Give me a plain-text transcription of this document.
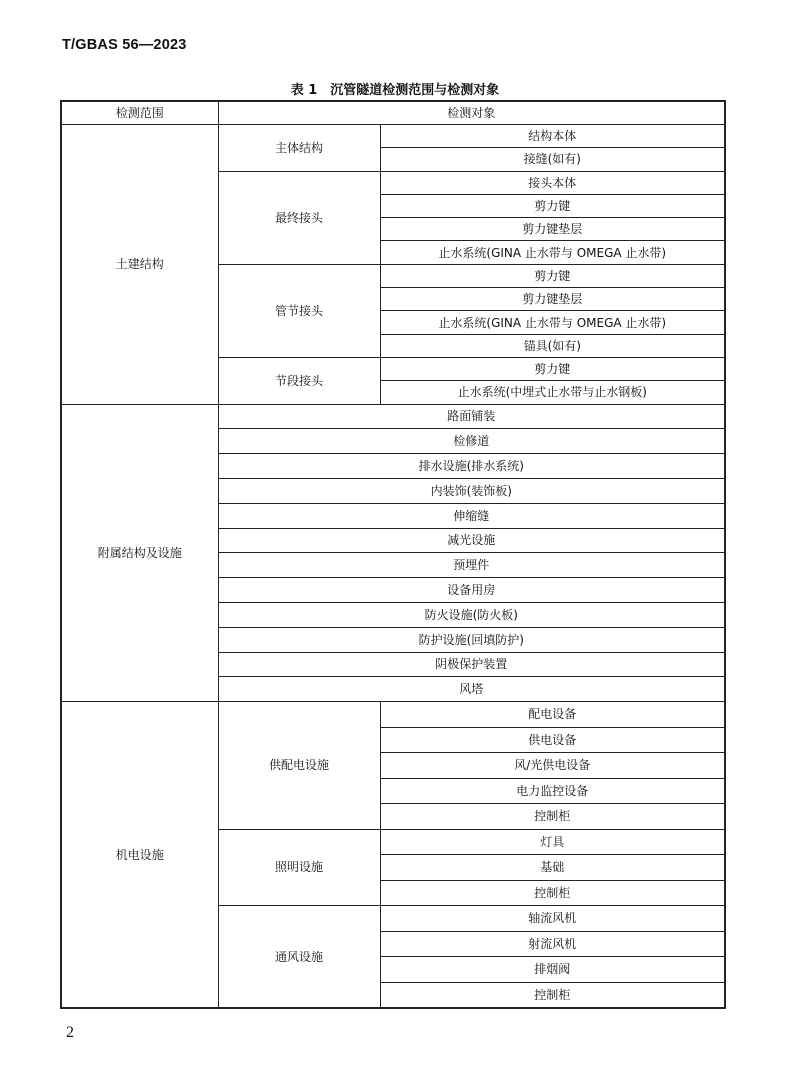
T/GBAS 56—2023
表 1　沉管隧道检测范围与检测对象
检测范围	检测对象	
土建结构	主体结构	结构本体
		接缝(如有)
	最终接头	接头本体
		剪力键
		剪力键垫层
		止水系统(GINA 止水带与 OMEGA 止水带)
	管节接头	剪力键
		剪力键垫层
		止水系统(GINA 止水带与 OMEGA 止水带)
		锚具(如有)
	节段接头	剪力键
		止水系统(中埋式止水带与止水钢板)
附属结构及设施	路面铺装	
	检修道	
	排水设施(排水系统)	
	内装饰(装饰板)	
	伸缩缝	
	减光设施	
	预埋件	
	设备用房	
	防火设施(防火板)	
	防护设施(回填防护)	
	阴极保护装置	
	风塔	
机电设施	供配电设施	配电设备
		供电设备
		风/光供电设备
		电力监控设备
		控制柜
	照明设施	灯具
		基础
		控制柜
	通风设施	轴流风机
		射流风机
		排烟阀
		控制柜
2
